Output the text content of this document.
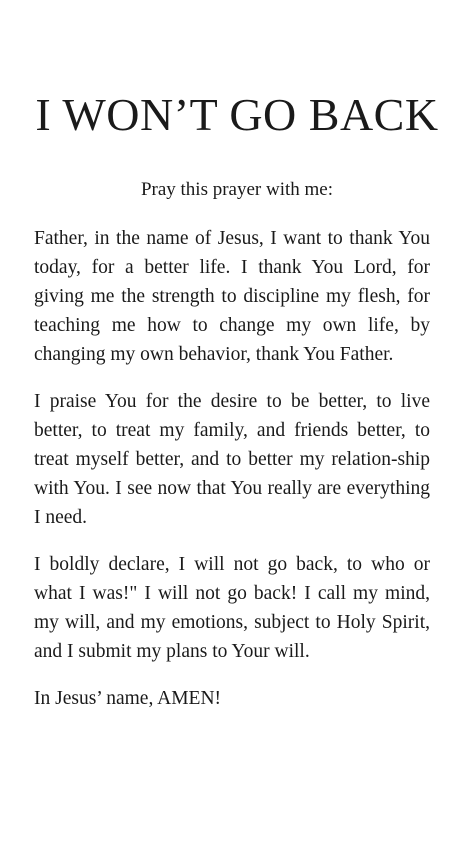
I WON’T GO BACK
Pray this prayer with me:

Father, in the name of Jesus, I want to thank You today, for a better life. I thank You Lord, for giving me the strength to discipline my flesh, for teaching me how to change my own life, by changing my own behavior, thank You Father.

I praise You for the desire to be better, to live better, to treat my family, and friends better, to treat myself better, and to better my relation-ship with You. I see now that You really are everything I need.

I boldly declare, I will not go back, to who or what I was!" I will not go back! I call my mind, my will, and my emotions, subject to Holy Spirit, and I submit my plans to Your will.

In Jesus’ name, AMEN!
